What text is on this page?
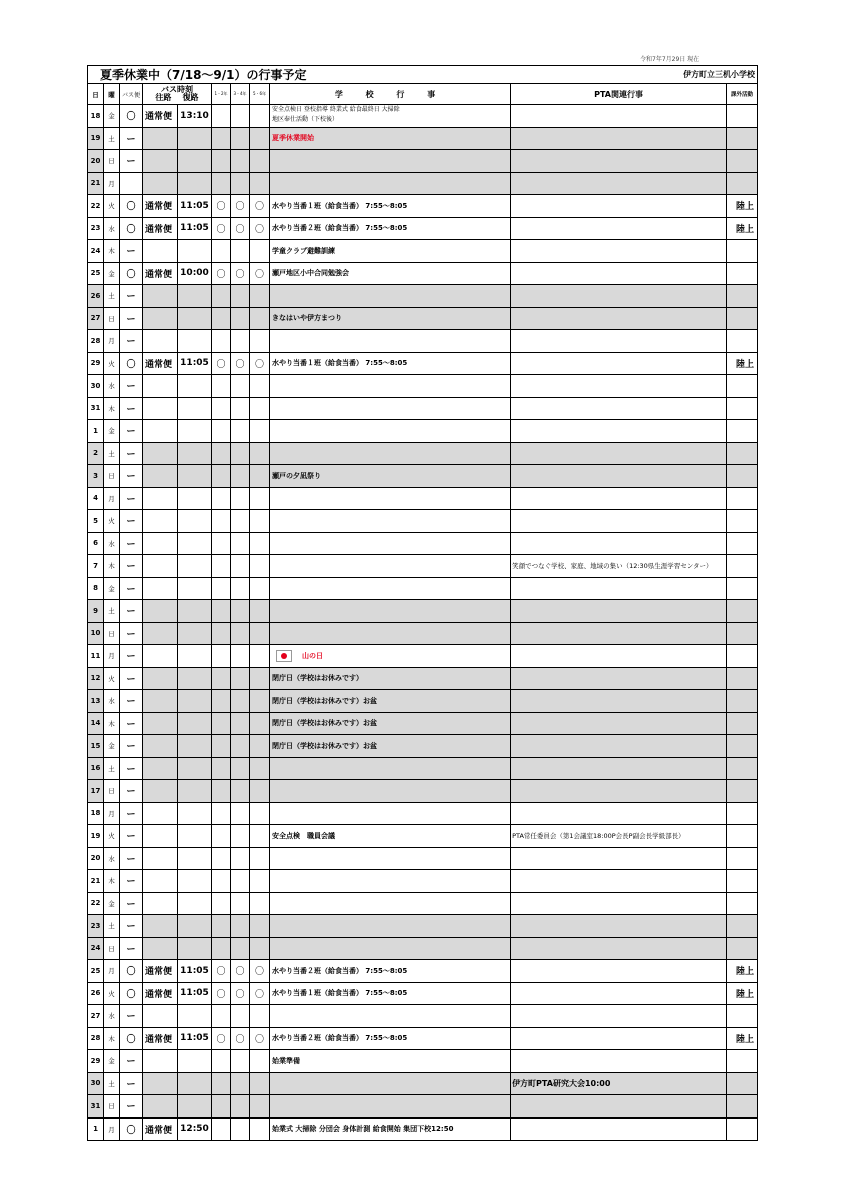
令和7年7月29日 現在
夏季休業中（7/18～9/1）の行事予定									伊方町立三机小学校	
日	曜	バス便	バス時刻
往路 復路		1・2年	3・4年	5・6年	学 校 行 事	PTA関連行事	課外活動
18	金	〇	通常便	13:10				安全点検日 登校指導 終業式 給食最終日 大掃除
地区奉仕活動（下校後）		

19	土	ー						夏季休業開始		
20	日	ー								
21	月									
22	火	〇	通常便	11:05	〇	〇	〇	水やり当番１班（給食当番） 7:55～8:05		陸上
23	水	〇	通常便	11:05	〇	〇	〇	水やり当番２班（給食当番） 7:55～8:05		陸上
24	木	ー						学童クラブ避難訓練		
25	金	〇	通常便	10:00	〇	〇	〇	瀬戸地区小中合同勉強会		
26	土	ー								
27	日	ー						きなはいや伊方まつり		
28	月	ー								
29	火	〇	通常便	11:05	〇	〇	〇	水やり当番１班（給食当番） 7:55～8:05		陸上
30	水	ー								
31	木	ー								
1	金	ー								
2	土	ー								
3	日	ー						瀬戸の夕凪祭り		
4	月	ー								
5	火	ー								
6	水	ー								
7	木	ー							笑顔でつなぐ学校、家庭、地域の集い（12:30県生涯学習センター）	
8	金	ー								
9	土	ー								
10	日	ー								
11	月	ー						山の日		
12	火	ー						閉庁日（学校はお休みです）		
13	水	ー						閉庁日（学校はお休みです）お盆		
14	木	ー						閉庁日（学校はお休みです）お盆		
15	金	ー						閉庁日（学校はお休みです）お盆		
16	土	ー								
17	日	ー								
18	月	ー								
19	火	ー						安全点検　職員会議	PTA常任委員会（第1会議室18:00P会長P副会長学級部長）	
20	水	ー								
21	木	ー								
22	金	ー								
23	土	ー								
24	日	ー								
25	月	〇	通常便	11:05	〇	〇	〇	水やり当番２班（給食当番） 7:55～8:05		陸上
26	火	〇	通常便	11:05	〇	〇	〇	水やり当番１班（給食当番） 7:55～8:05		陸上
27	水	ー								
28	木	〇	通常便	11:05	〇	〇	〇	水やり当番２班（給食当番） 7:55～8:05		陸上
29	金	ー						始業準備		
30	土	ー							伊方町PTA研究大会10:00	
31	日	ー								
1	月	〇	通常便	12:50				始業式 大掃除 分団会 身体計測 給食開始 集団下校12:50		
